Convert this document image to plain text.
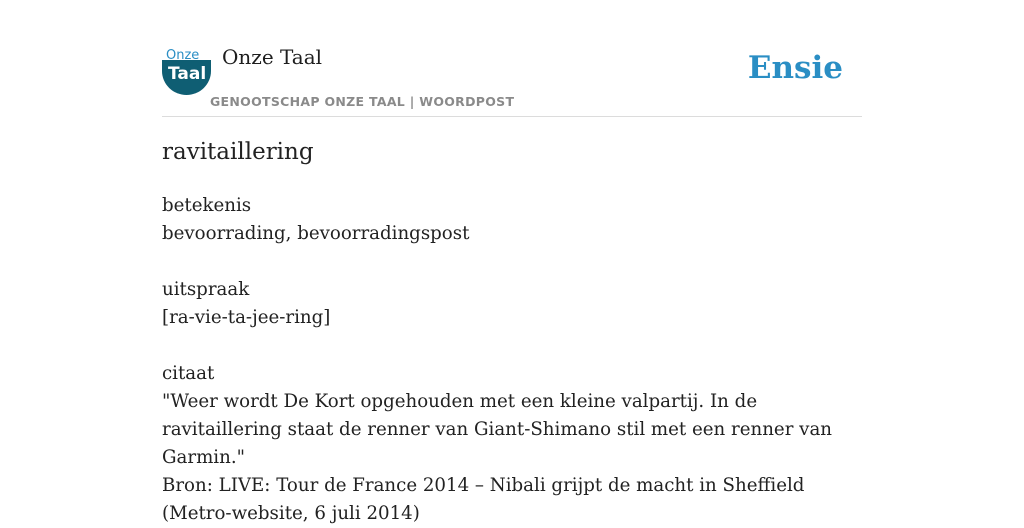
Onze
Taal
Onze Taal
GENOOTSCHAP ONZE TAAL | WOORDPOST
Ensie
ravitaillering
betekenis
bevoorrading, bevoorradingspost
uitspraak
[ra-vie-ta-jee-ring]
citaat
"Weer wordt De Kort opgehouden met een kleine valpartij. In de ravitaillering staat de renner van Giant-Shimano stil met een renner van Garmin."
Bron: LIVE: Tour de France 2014 – Nibali grijpt de macht in Sheffield (Metro-website, 6 juli 2014)
